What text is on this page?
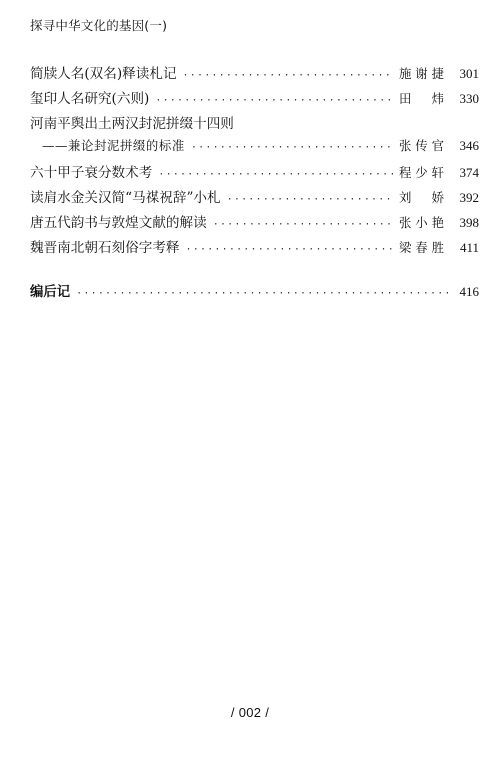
探寻中华文化的基因(一)
简牍人名(双名)释读札记 ·····	施谢捷	301
玺印人名研究(六则) ·····	田炜	330
河南平舆出土两汉封泥拼缀十四则
——兼论封泥拼缀的标准 ·····	张传官	346
六十甲子衰分数术考 ·····	程少轩	374
读肩水金关汉简“马禖祝辞”小札 ·····	刘娇	392
唐五代韵书与敦煌文献的解读 ·····	张小艳	398
魏晋南北朝石刻俗字考释 ·····	梁春胜	411
编后记 ·····	416
/ 002 /
